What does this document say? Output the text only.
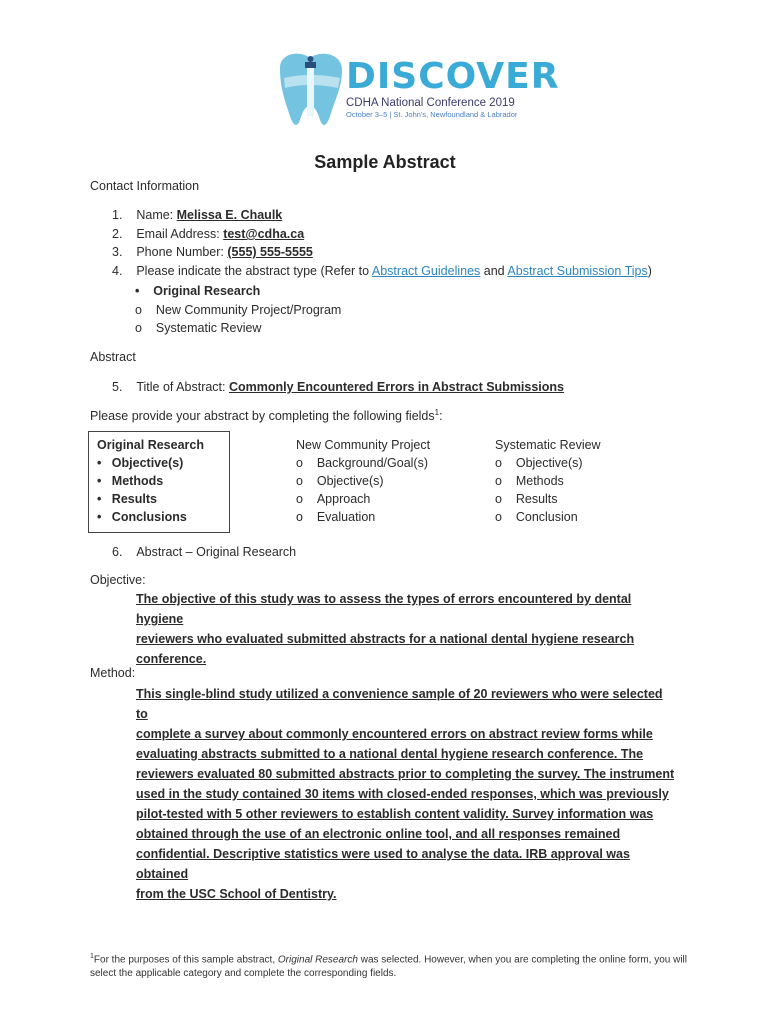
DISCOVER
CDHA National Conference 2019
October 3–5 | St. John's, Newfoundland & Labrador
Sample Abstract
Contact Information
1. Name: Melissa E. Chaulk
2. Email Address: test@cdha.ca
3. Phone Number: (555) 555-5555
4. Please indicate the abstract type (Refer to Abstract Guidelines and Abstract Submission Tips)
• Original Research
o New Community Project/Program
o Systematic Review
Abstract
5. Title of Abstract: Commonly Encountered Errors in Abstract Submissions
Please provide your abstract by completing the following fields$^1$:
Original Research
•   Objective(s)
•   Methods
•   Results
•   Conclusions
New Community Project
o    Background/Goal(s)
o    Objective(s)
o    Approach
o    Evaluation
Systematic Review
o    Objective(s)
o    Methods
o    Results
o    Conclusion
6. Abstract – Original Research
Objective:
The objective of this study was to assess the types of errors encountered by dental hygiene
reviewers who evaluated submitted abstracts for a national dental hygiene research
conference.
Method:
This single-blind study utilized a convenience sample of 20 reviewers who were selected to
complete a survey about commonly encountered errors on abstract review forms while
evaluating abstracts submitted to a national dental hygiene research conference. The
reviewers evaluated 80 submitted abstracts prior to completing the survey. The instrument
used in the study contained 30 items with closed-ended responses, which was previously
pilot-tested with 5 other reviewers to establish content validity. Survey information was
obtained through the use of an electronic online tool, and all responses remained
confidential. Descriptive statistics were used to analyse the data. IRB approval was obtained
from the USC School of Dentistry.
$^1$For the purposes of this sample abstract, Original Research was selected. However, when you are completing the online form, you will select the applicable category and complete the corresponding fields.
